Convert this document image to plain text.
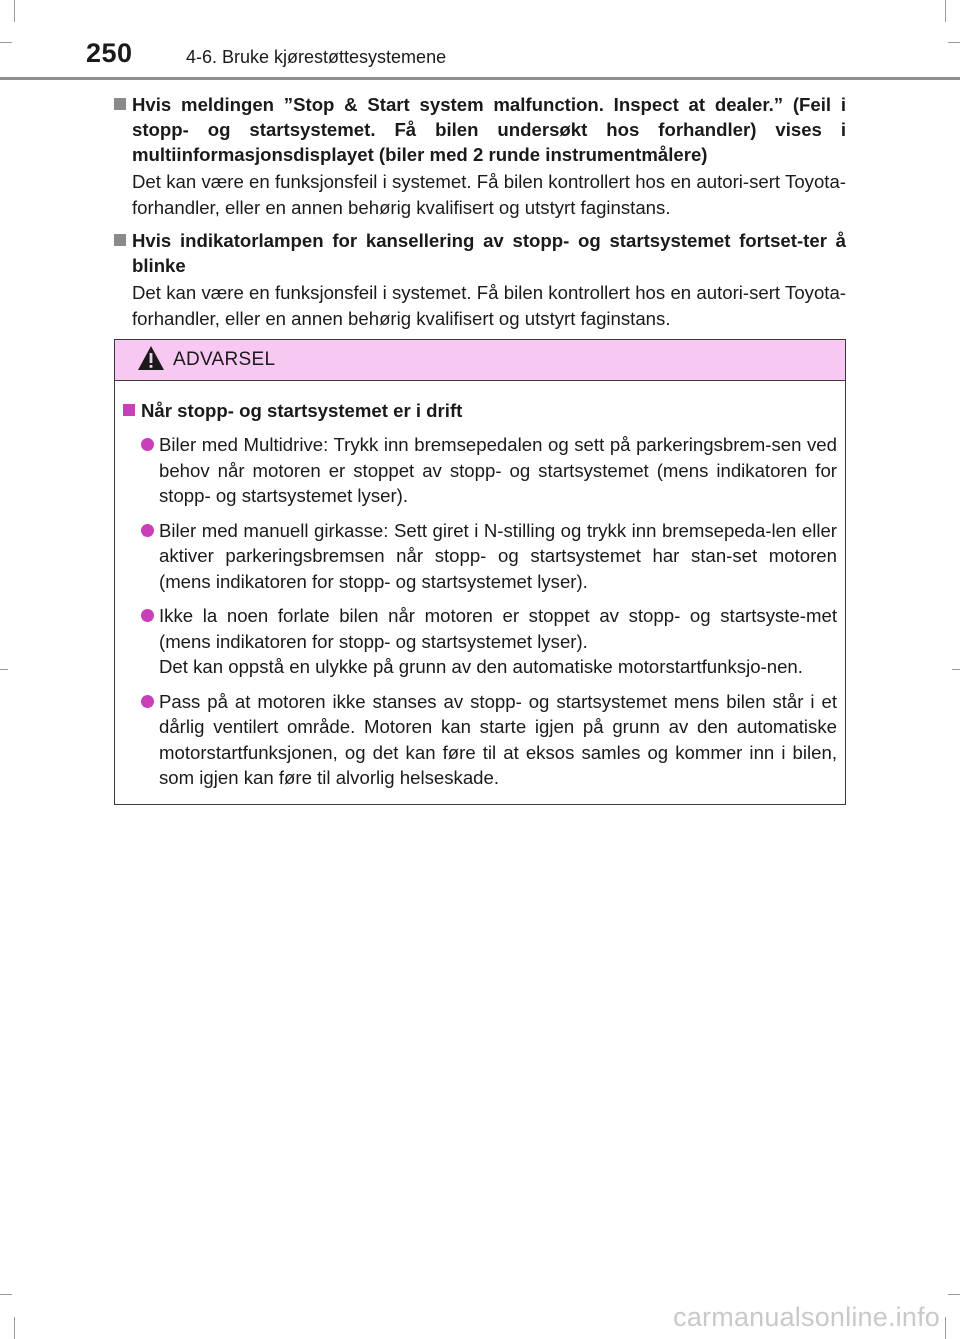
250	4-6. Bruke kjørestøttesystemene
Hvis meldingen ”Stop & Start system malfunction. Inspect at dealer.” (Feil i stopp- og startsystemet. Få bilen undersøkt hos forhandler) vises i multiinformasjonsdisplayet (biler med 2 runde instrumentmålere)
Det kan være en funksjonsfeil i systemet. Få bilen kontrollert hos en autori-sert Toyota-forhandler, eller en annen behørig kvalifisert og utstyrt faginstans.
Hvis indikatorlampen for kansellering av stopp- og startsystemet fortset-ter å blinke
Det kan være en funksjonsfeil i systemet. Få bilen kontrollert hos en autori-sert Toyota-forhandler, eller en annen behørig kvalifisert og utstyrt faginstans.
ADVARSEL
Når stopp- og startsystemet er i drift
Biler med Multidrive: Trykk inn bremsepedalen og sett på parkeringsbrem-sen ved behov når motoren er stoppet av stopp- og startsystemet (mens indikatoren for stopp- og startsystemet lyser).
Biler med manuell girkasse: Sett giret i N-stilling og trykk inn bremsepeda-len eller aktiver parkeringsbremsen når stopp- og startsystemet har stan-set motoren (mens indikatoren for stopp- og startsystemet lyser).
Ikke la noen forlate bilen når motoren er stoppet av stopp- og startsyste-met (mens indikatoren for stopp- og startsystemet lyser).
Det kan oppstå en ulykke på grunn av den automatiske motorstartfunksjo-nen.
Pass på at motoren ikke stanses av stopp- og startsystemet mens bilen står i et dårlig ventilert område. Motoren kan starte igjen på grunn av den automatiske motorstartfunksjonen, og det kan føre til at eksos samles og kommer inn i bilen, som igjen kan føre til alvorlig helseskade.
carmanualsonline.info
